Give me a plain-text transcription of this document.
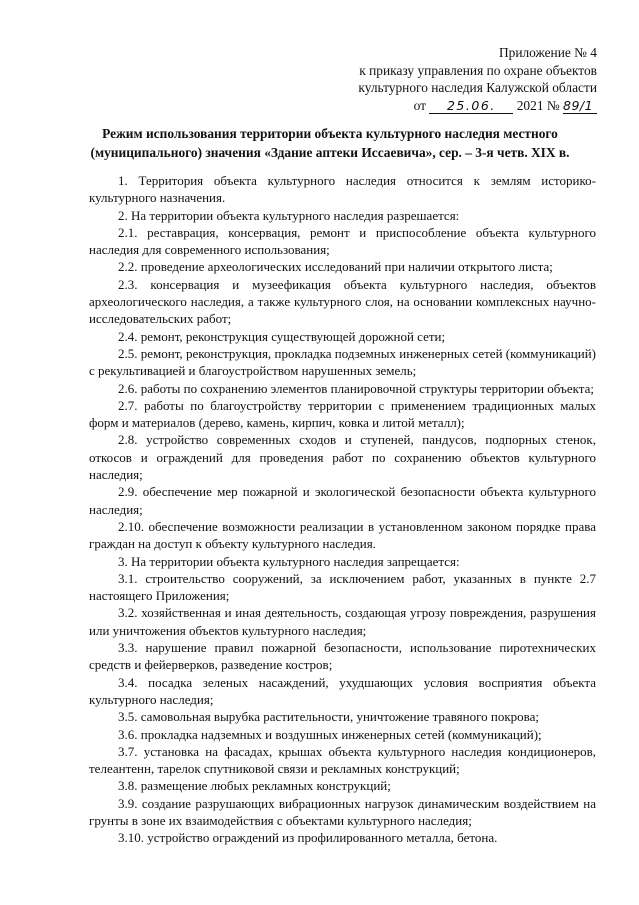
Приложение № 4
к приказу управления по охране объектов
культурного наследия Калужской области
от 25.06. 2021 № 89/1
Режим использования территории объекта культурного наследия местного
(муниципального) значения «Здание аптеки Иссаевича», сер. – 3-я четв. XIX в.

1. Территория объекта культурного наследия относится к землям историко-культурного назначения.

2. На территории объекта культурного наследия разрешается:

2.1. реставрация, консервация, ремонт и приспособление объекта культурного наследия для современного использования;

2.2. проведение археологических исследований при наличии открытого листа;

2.3. консервация и музеефикация объекта культурного наследия, объектов археологического наследия, а также культурного слоя, на основании комплексных научно-исследовательских работ;

2.4. ремонт, реконструкция существующей дорожной сети;

2.5. ремонт, реконструкция, прокладка подземных инженерных сетей (коммуникаций) с рекультивацией и благоустройством нарушенных земель;

2.6. работы по сохранению элементов планировочной структуры территории объекта;

2.7. работы по благоустройству территории с применением традиционных малых форм и материалов (дерево, камень, кирпич, ковка и литой металл);

2.8. устройство современных сходов и ступеней, пандусов, подпорных стенок, откосов и ограждений для проведения работ по сохранению объектов культурного наследия;

2.9. обеспечение мер пожарной и экологической безопасности объекта культурного наследия;

2.10. обеспечение возможности реализации в установленном законом порядке права граждан на доступ к объекту культурного наследия.

3. На территории объекта культурного наследия запрещается:

3.1. строительство сооружений, за исключением работ, указанных в пункте 2.7 настоящего Приложения;

3.2. хозяйственная и иная деятельность, создающая угрозу повреждения, разрушения или уничтожения объектов культурного наследия;

3.3. нарушение правил пожарной безопасности, использование пиротехнических средств и фейерверков, разведение костров;

3.4. посадка зеленых насаждений, ухудшающих условия восприятия объекта культурного наследия;

3.5. самовольная вырубка растительности, уничтожение травяного покрова;

3.6. прокладка надземных и воздушных инженерных сетей (коммуникаций);

3.7. установка на фасадах, крышах объекта культурного наследия кондиционеров, телеантенн, тарелок спутниковой связи и рекламных конструкций;

3.8. размещение любых рекламных конструкций;

3.9. создание разрушающих вибрационных нагрузок динамическим воздействием на грунты в зоне их взаимодействия с объектами культурного наследия;

3.10. устройство ограждений из профилированного металла, бетона.
